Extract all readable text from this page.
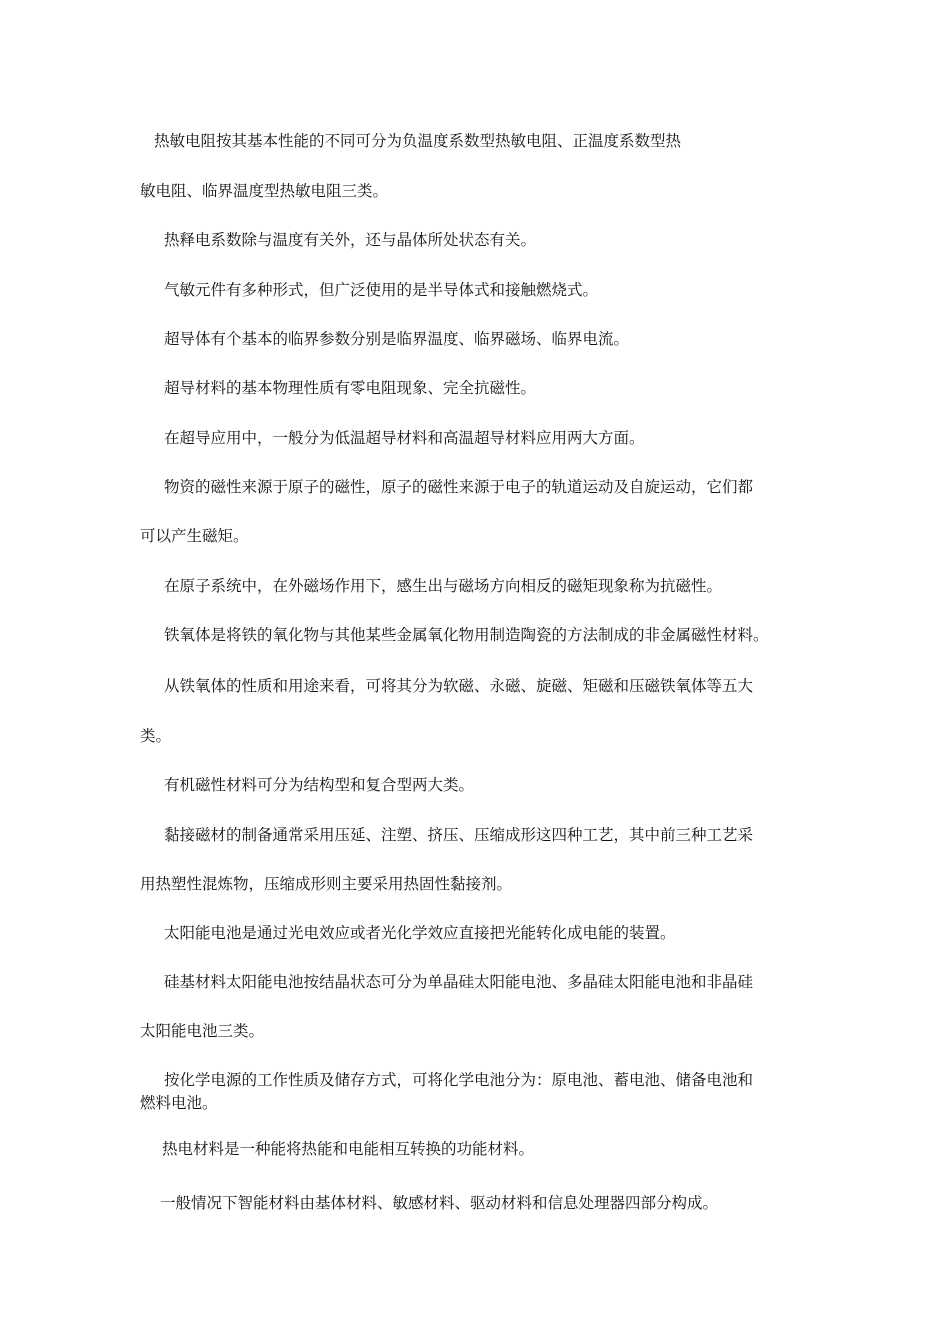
热敏电阻按其基本性能的不同可分为负温度系数型热敏电阻、正温度系数型热

敏电阻、临界温度型热敏电阻三类。

热释电系数除与温度有关外，还与晶体所处状态有关。

气敏元件有多种形式，但广泛使用的是半导体式和接触燃烧式。

超导体有个基本的临界参数分别是临界温度、临界磁场、临界电流。

超导材料的基本物理性质有零电阻现象、完全抗磁性。

在超导应用中，一般分为低温超导材料和高温超导材料应用两大方面。

物资的磁性来源于原子的磁性，原子的磁性来源于电子的轨道运动及自旋运动，它们都

可以产生磁矩。

在原子系统中，在外磁场作用下，感生出与磁场方向相反的磁矩现象称为抗磁性。

铁氧体是将铁的氧化物与其他某些金属氧化物用制造陶瓷的方法制成的非金属磁性材料。

从铁氧体的性质和用途来看，可将其分为软磁、永磁、旋磁、矩磁和压磁铁氧体等五大

类。

有机磁性材料可分为结构型和复合型两大类。

黏接磁材的制备通常采用压延、注塑、挤压、压缩成形这四种工艺，其中前三种工艺采

用热塑性混炼物，压缩成形则主要采用热固性黏接剂。

太阳能电池是通过光电效应或者光化学效应直接把光能转化成电能的装置。

硅基材料太阳能电池按结晶状态可分为单晶硅太阳能电池、多晶硅太阳能电池和非晶硅

太阳能电池三类。

按化学电源的工作性质及储存方式，可将化学电池分为：原电池、蓄电池、储备电池和

燃料电池。

热电材料是一种能将热能和电能相互转换的功能材料。

一般情况下智能材料由基体材料、敏感材料、驱动材料和信息处理器四部分构成。
